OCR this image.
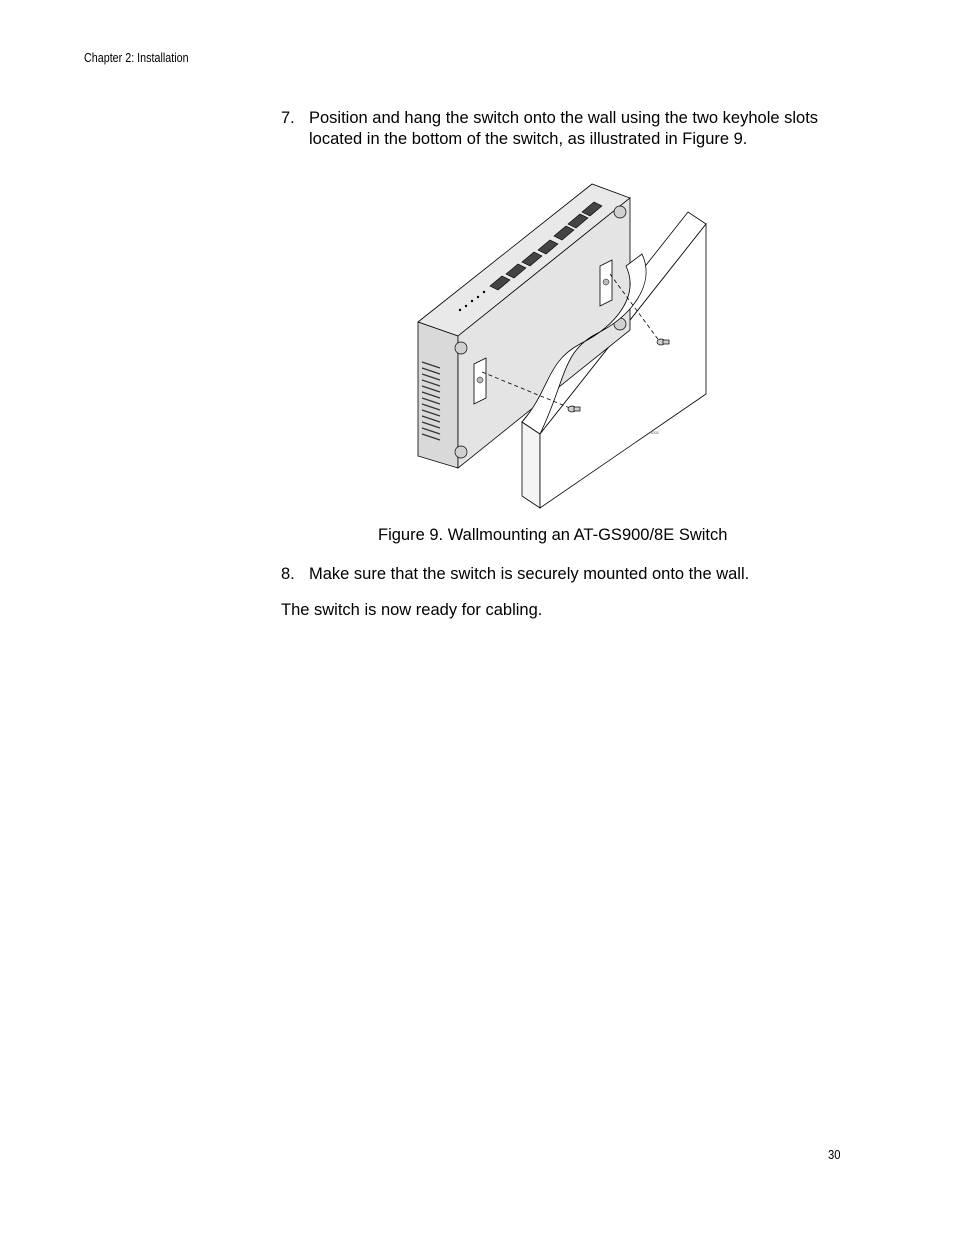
Chapter 2: Installation
7. Position and hang the switch onto the wall using the two keyhole slots located in the bottom of the switch, as illustrated in Figure 9.
1002
Figure 9. Wallmounting an AT-GS900/8E Switch
8. Make sure that the switch is securely mounted onto the wall.
The switch is now ready for cabling.
30
